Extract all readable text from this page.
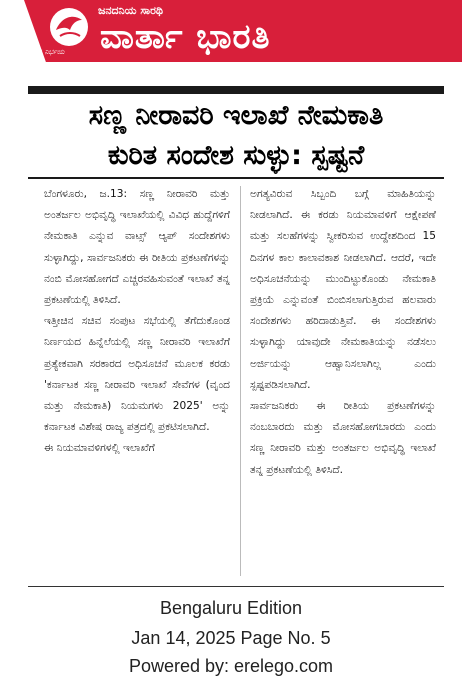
ಜನದನಿಯ ಸಾರಥಿ
ವಾರ್ತಾ ಭಾರತಿ
ಸತ್ಯ ನಿರ್ಭಯ
ಸಣ್ಣ ನೀರಾವರಿ ಇಲಾಖೆ ನೇಮಕಾತಿ
ಕುರಿತ ಸಂದೇಶ ಸುಳ್ಳು: ಸ್ಪಷ್ಟನೆ

ಬೆಂಗಳೂರು, ಜ.13: ಸಣ್ಣ ನೀರಾವರಿ ಮತ್ತು ಅಂತರ್ಜಲ ಅಭಿವೃದ್ಧಿ ಇಲಾಖೆಯಲ್ಲಿ ವಿವಿಧ ಹುದ್ದೆಗಳಿಗೆ ನೇಮಕಾತಿ ಎನ್ನುವ ವಾಟ್ಸ್ ಆ್ಯಪ್ ಸಂದೇಶಗಳು ಸುಳ್ಳಾಗಿದ್ದು, ಸಾರ್ವಜನಿಕರು ಈ ರೀತಿಯ ಪ್ರಕಟಣೆಗಳನ್ನು ನಂಬಿ ಮೋಸಹೋಗದೆ ಎಚ್ಚರವಹಿಸುವಂತೆ ಇಲಾಖೆ ತನ್ನ ಪ್ರಕಟಣೆಯಲ್ಲಿ ತಿಳಿಸಿದೆ.

ಇತ್ತೀಚಿನ ಸಚಿವ ಸಂಪುಟ ಸಭೆಯಲ್ಲಿ ತೆಗೆದುಕೊಂಡ ನಿರ್ಣಯದ ಹಿನ್ನೆಲೆಯಲ್ಲಿ ಸಣ್ಣ ನೀರಾವರಿ ಇಲಾಖೆಗೆ ಪ್ರತ್ಯೇಕವಾಗಿ ಸರಕಾರದ ಅಧಿಸೂಚನೆ ಮೂಲಕ ಕರಡು 'ಕರ್ನಾಟಕ ಸಣ್ಣ ನೀರಾವರಿ ಇಲಾಖೆ ಸೇವೆಗಳ (ವೃಂದ ಮತ್ತು ನೇಮಕಾತಿ) ನಿಯಮಗಳು 2025' ಅನ್ನು ಕರ್ನಾಟಕ ವಿಶೇಷ ರಾಜ್ಯ ಪತ್ರದಲ್ಲಿ ಪ್ರಕಟಿಸಲಾಗಿದೆ.

ಈ ನಿಯಮಾವಳಿಗಳಲ್ಲಿ ಇಲಾಖೆಗೆ

ಅಗತ್ಯವಿರುವ ಸಿಬ್ಬಂದಿ ಬಗ್ಗೆ ಮಾಹಿತಿಯನ್ನು ನೀಡಲಾಗಿದೆ. ಈ ಕರಡು ನಿಯಮಾವಳಿಗೆ ಆಕ್ಷೇಪಣೆ ಮತ್ತು ಸಲಹೆಗಳನ್ನು ಸ್ವೀಕರಿಸುವ ಉದ್ದೇಶದಿಂದ 15 ದಿನಗಳ ಕಾಲ ಕಾಲಾವಕಾಶ ನೀಡಲಾಗಿದೆ. ಆದರೆ, ಇದೇ ಅಧಿಸೂಚನೆಯನ್ನು ಮುಂದಿಟ್ಟುಕೊಂಡು ನೇಮಕಾತಿ ಪ್ರಕ್ರಿಯೆ ಎನ್ನುವಂತೆ ಬಿಂಬಿಸಲಾಗುತ್ತಿರುವ ಹಲವಾರು ಸಂದೇಶಗಳು ಹರಿದಾಡುತ್ತಿವೆ. ಈ ಸಂದೇಶಗಳು ಸುಳ್ಳಾಗಿದ್ದು ಯಾವುದೇ ನೇಮಕಾತಿಯನ್ನು ನಡೆಸಲು ಅರ್ಜಿಯನ್ನು ಆಹ್ವಾನಿಸಲಾಗಿಲ್ಲ ಎಂದು ಸ್ಪಷ್ಟಪಡಿಸಲಾಗಿದೆ.

ಸಾರ್ವಜನಿಕರು ಈ ರೀತಿಯ ಪ್ರಕಟಣೆಗಳನ್ನು ನಂಬಬಾರದು ಮತ್ತು ಮೋಸಹೋಗಬಾರದು ಎಂದು ಸಣ್ಣ ನೀರಾವರಿ ಮತ್ತು ಅಂತರ್ಜಲ ಅಭಿವೃದ್ಧಿ ಇಲಾಖೆ ತನ್ನ ಪ್ರಕಟಣೆಯಲ್ಲಿ ತಿಳಿಸಿದೆ.

Bengaluru Edition
Jan 14, 2025 Page No. 5
Powered by: erelego.com
